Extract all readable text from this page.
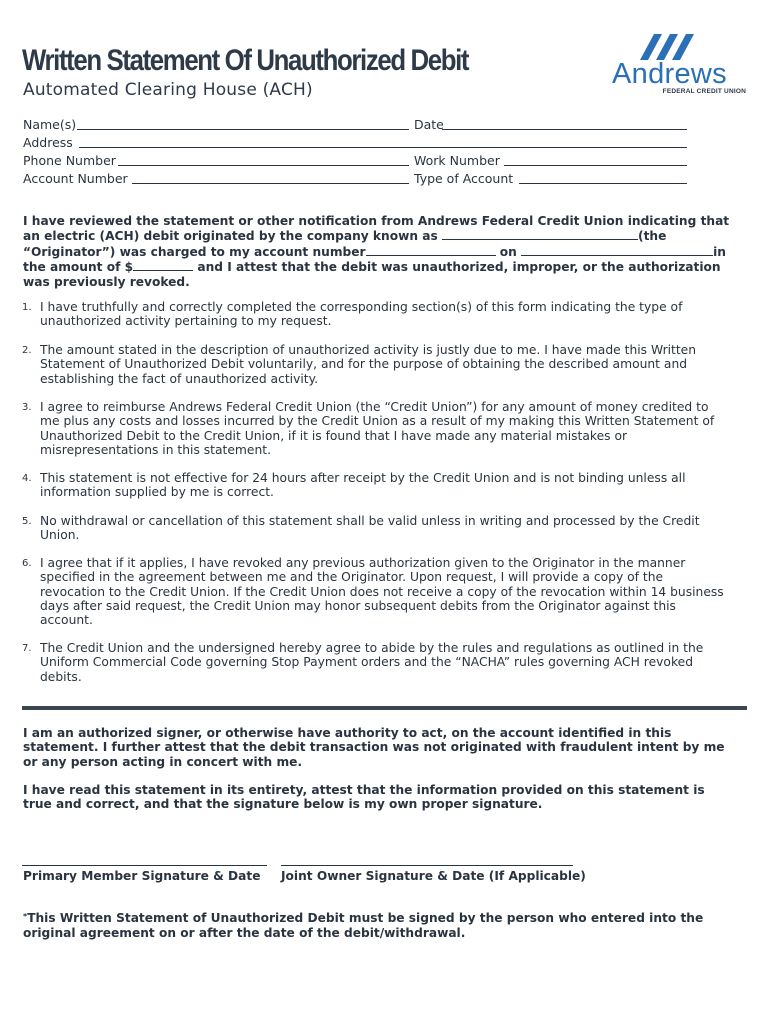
Written Statement Of Unauthorized Debit
Automated Clearing House (ACH)	Andrews
FEDERAL CREDIT UNION
Name(s)	Date
Address
Phone Number	Work Number
Account Number	Type of Account
I have reviewed the statement or other notification from Andrews Federal Credit Union indicating that an electric (ACH) debit originated by the company known as	(the “Originator”) was charged to my account number	on	in the amount of $	and I attest that the debit was unauthorized, improper, or the authorization was previously revoked.
1. I have truthfully and correctly completed the corresponding section(s) of this form indicating the type of unauthorized activity pertaining to my request.
2. The amount stated in the description of unauthorized activity is justly due to me. I have made this Written Statement of Unauthorized Debit voluntarily, and for the purpose of obtaining the described amount and establishing the fact of unauthorized activity.
3. I agree to reimburse Andrews Federal Credit Union (the “Credit Union”) for any amount of money credited to me plus any costs and losses incurred by the Credit Union as a result of my making this Written Statement of Unauthorized Debit to the Credit Union, if it is found that I have made any material mistakes or misrepresentations in this statement.
4. This statement is not effective for 24 hours after receipt by the Credit Union and is not binding unless all information supplied by me is correct.
5. No withdrawal or cancellation of this statement shall be valid unless in writing and processed by the Credit Union.
6. I agree that if it applies, I have revoked any previous authorization given to the Originator in the manner specified in the agreement between me and the Originator. Upon request, I will provide a copy of the revocation to the Credit Union. If the Credit Union does not receive a copy of the revocation within 14 business days after said request, the Credit Union may honor subsequent debits from the Originator against this account.
7. The Credit Union and the undersigned hereby agree to abide by the rules and regulations as outlined in the Uniform Commercial Code governing Stop Payment orders and the “NACHA” rules governing ACH revoked debits.
I am an authorized signer, or otherwise have authority to act, on the account identified in this statement. I further attest that the debit transaction was not originated with fraudulent intent by me or any person acting in concert with me.
I have read this statement in its entirety, attest that the information provided on this statement is true and correct, and that the signature below is my own proper signature.
Primary Member Signature & Date Joint Owner Signature & Date (If Applicable)
*This Written Statement of Unauthorized Debit must be signed by the person who entered into the original agreement on or after the date of the debit/withdrawal.
